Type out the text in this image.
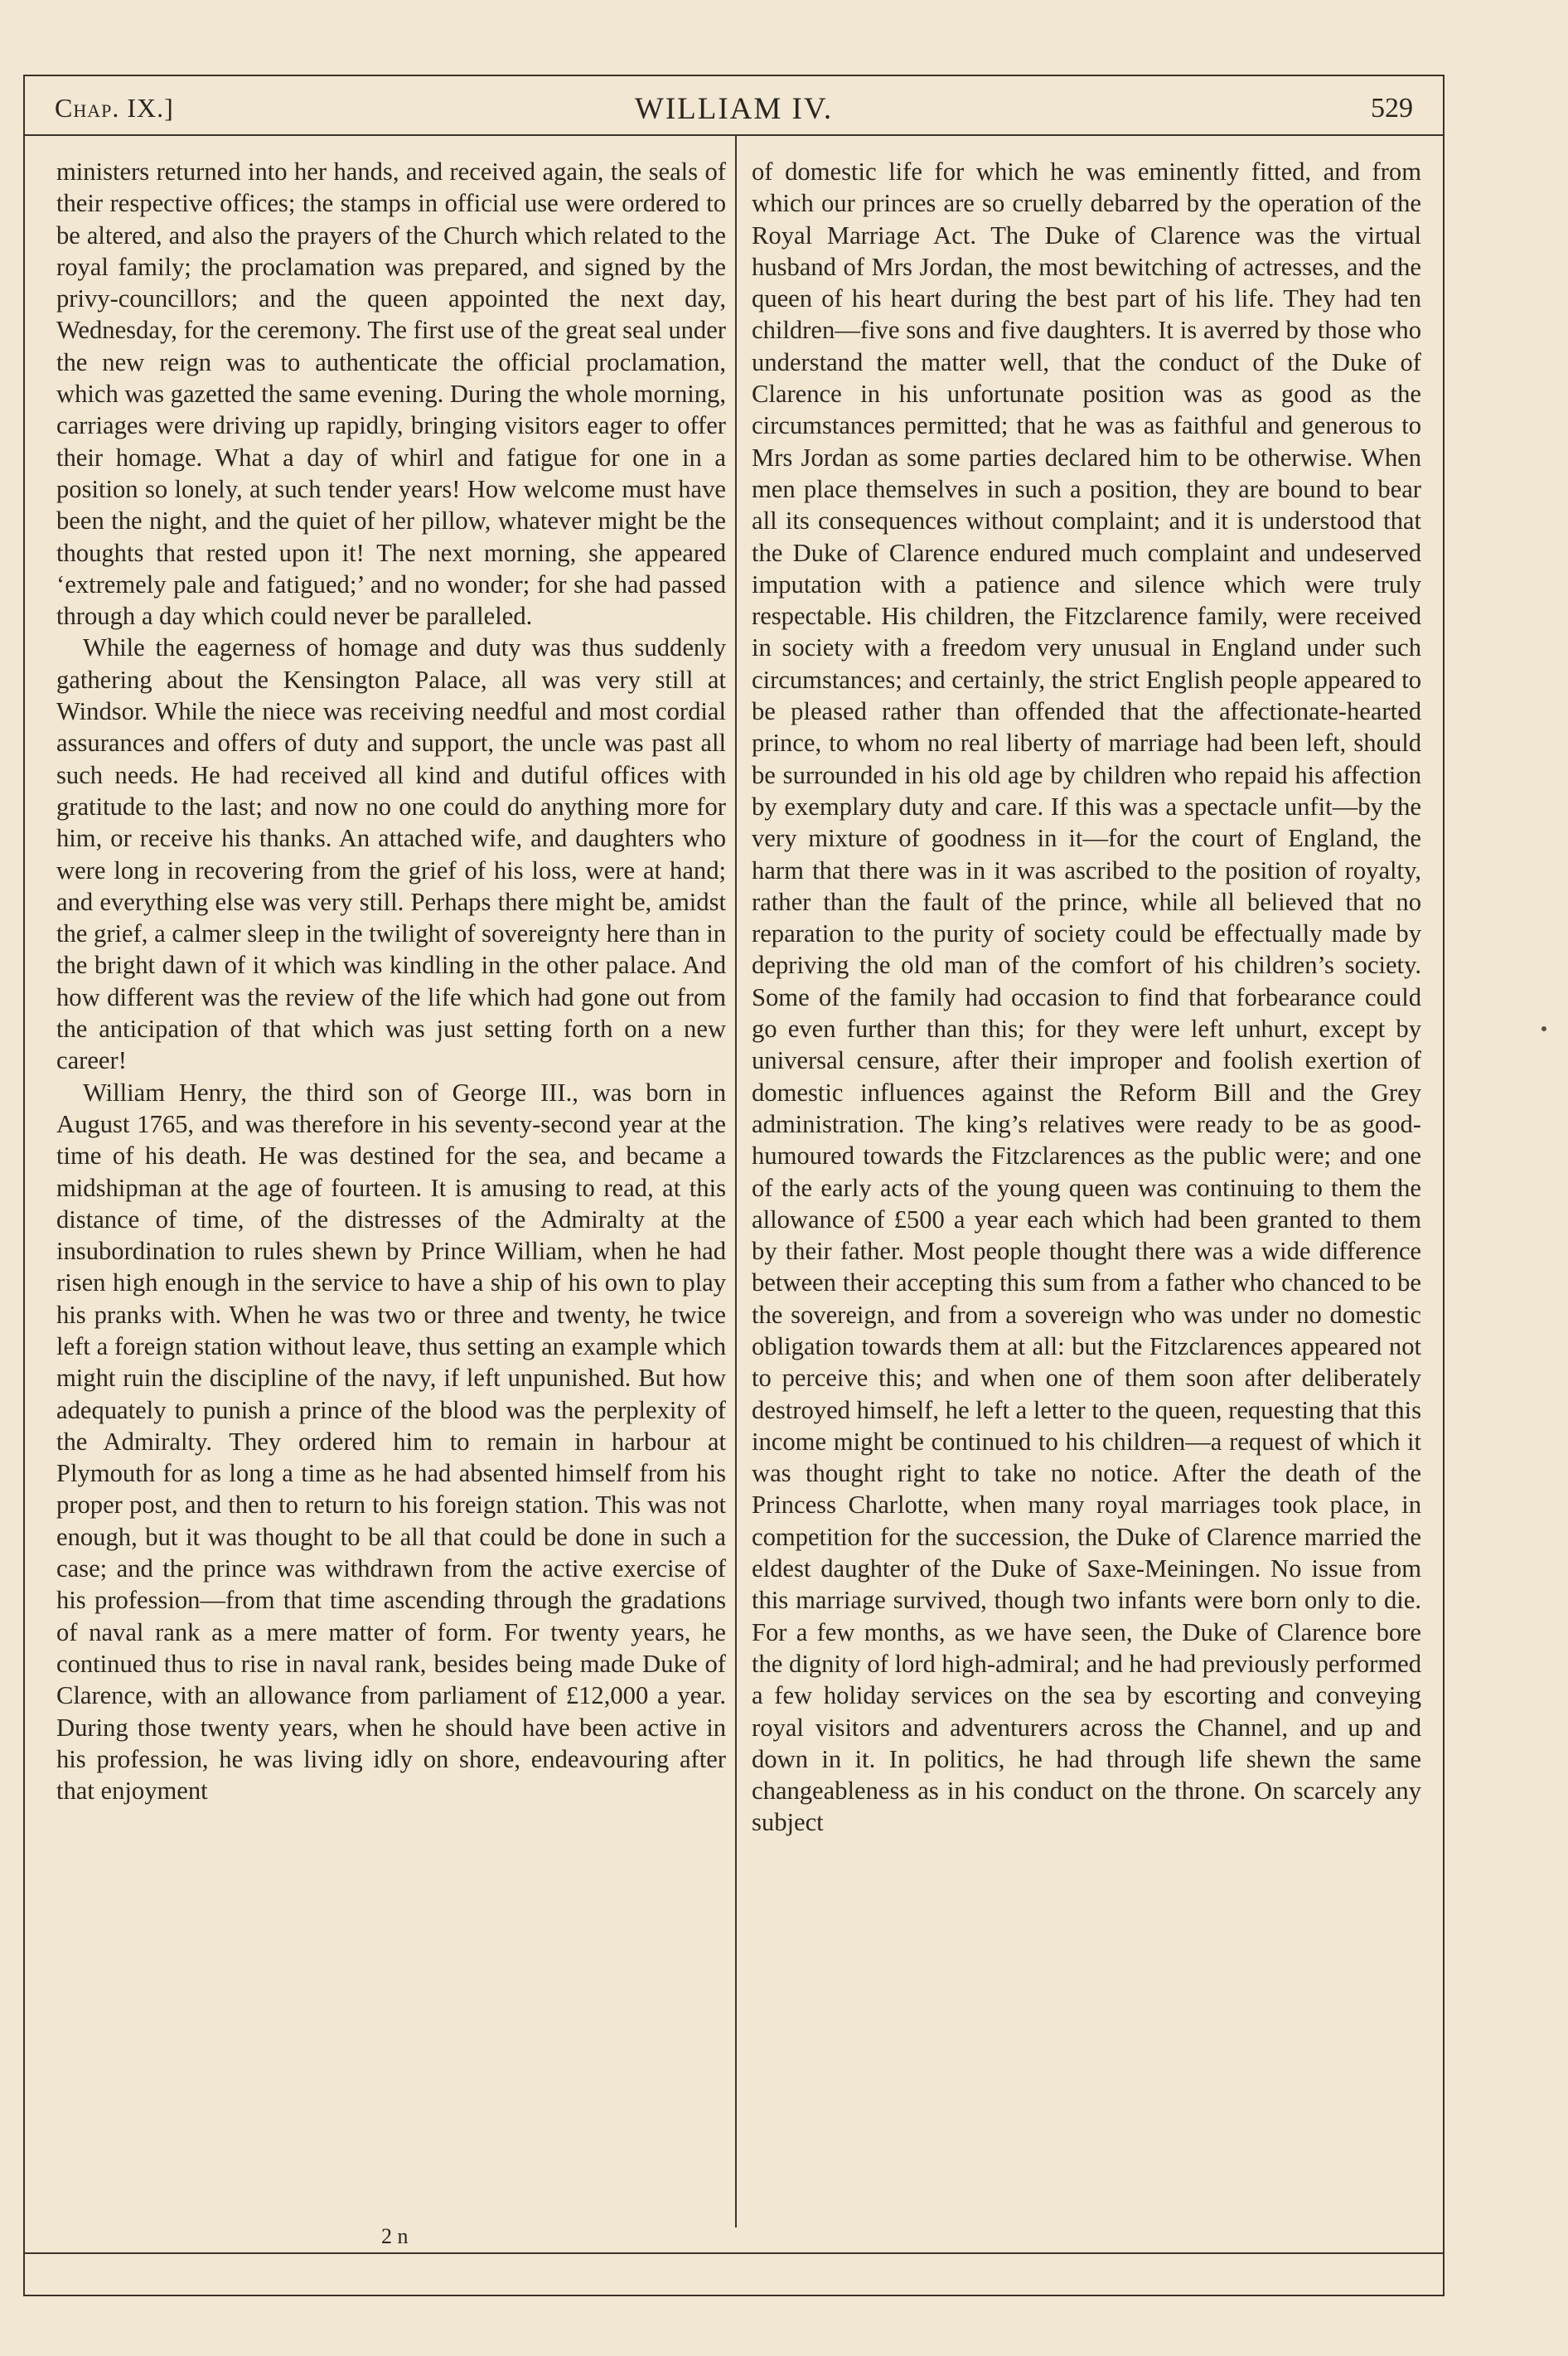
Chap. IX.]	WILLIAM IV.	529

ministers returned into her hands, and received again, the seals of their respective offices; the stamps in official use were ordered to be altered, and also the prayers of the Church which related to the royal family; the proclamation was prepared, and signed by the privy-councillors; and the queen appointed the next day, Wednesday, for the ceremony. The first use of the great seal under the new reign was to authenticate the official proclamation, which was gazetted the same evening. During the whole morning, carriages were driving up rapidly, bringing visitors eager to offer their homage. What a day of whirl and fatigue for one in a position so lonely, at such tender years! How welcome must have been the night, and the quiet of her pillow, whatever might be the thoughts that rested upon it! The next morning, she appeared ‘extremely pale and fatigued;’ and no wonder; for she had passed through a day which could never be paralleled.

While the eagerness of homage and duty was thus suddenly gathering about the Kensington Palace, all was very still at Windsor. While the niece was receiving needful and most cordial assurances and offers of duty and support, the uncle was past all such needs. He had received all kind and dutiful offices with gratitude to the last; and now no one could do anything more for him, or receive his thanks. An attached wife, and daughters who were long in recovering from the grief of his loss, were at hand; and everything else was very still. Perhaps there might be, amidst the grief, a calmer sleep in the twilight of sovereignty here than in the bright dawn of it which was kindling in the other palace. And how different was the review of the life which had gone out from the anticipation of that which was just setting forth on a new career!

William Henry, the third son of George III., was born in August 1765, and was therefore in his seventy-second year at the time of his death. He was destined for the sea, and became a midshipman at the age of fourteen. It is amusing to read, at this distance of time, of the distresses of the Admiralty at the insubordination to rules shewn by Prince William, when he had risen high enough in the service to have a ship of his own to play his pranks with. When he was two or three and twenty, he twice left a foreign station without leave, thus setting an example which might ruin the discipline of the navy, if left unpunished. But how adequately to punish a prince of the blood was the perplexity of the Admiralty. They ordered him to remain in harbour at Plymouth for as long a time as he had absented himself from his proper post, and then to return to his foreign station. This was not enough, but it was thought to be all that could be done in such a case; and the prince was withdrawn from the active exercise of his profession—from that time ascending through the gradations of naval rank as a mere matter of form. For twenty years, he continued thus to rise in naval rank, besides being made Duke of Clarence, with an allowance from parliament of £12,000 a year. During those twenty years, when he should have been active in his profession, he was living idly on shore, endeavouring after that enjoyment

of domestic life for which he was eminently fitted, and from which our princes are so cruelly debarred by the operation of the Royal Marriage Act. The Duke of Clarence was the virtual husband of Mrs Jordan, the most bewitching of actresses, and the queen of his heart during the best part of his life. They had ten children—five sons and five daughters. It is averred by those who understand the matter well, that the conduct of the Duke of Clarence in his unfortunate position was as good as the circumstances permitted; that he was as faithful and generous to Mrs Jordan as some parties declared him to be otherwise. When men place themselves in such a position, they are bound to bear all its consequences without complaint; and it is understood that the Duke of Clarence endured much complaint and undeserved imputation with a patience and silence which were truly respectable. His children, the Fitzclarence family, were received in society with a freedom very unusual in England under such circumstances; and certainly, the strict English people appeared to be pleased rather than offended that the affectionate-hearted prince, to whom no real liberty of marriage had been left, should be surrounded in his old age by children who repaid his affection by exemplary duty and care. If this was a spectacle unfit—by the very mixture of goodness in it—for the court of England, the harm that there was in it was ascribed to the position of royalty, rather than the fault of the prince, while all believed that no reparation to the purity of society could be effectually made by depriving the old man of the comfort of his children’s society. Some of the family had occasion to find that forbearance could go even further than this; for they were left unhurt, except by universal censure, after their improper and foolish exertion of domestic influences against the Reform Bill and the Grey administration. The king’s relatives were ready to be as good-humoured towards the Fitzclarences as the public were; and one of the early acts of the young queen was continuing to them the allowance of £500 a year each which had been granted to them by their father. Most people thought there was a wide difference between their accepting this sum from a father who chanced to be the sovereign, and from a sovereign who was under no domestic obligation towards them at all: but the Fitzclarences appeared not to perceive this; and when one of them soon after deliberately destroyed himself, he left a letter to the queen, requesting that this income might be continued to his children—a request of which it was thought right to take no notice. After the death of the Princess Charlotte, when many royal marriages took place, in competition for the succession, the Duke of Clarence married the eldest daughter of the Duke of Saxe-Meiningen. No issue from this marriage survived, though two infants were born only to die. For a few months, as we have seen, the Duke of Clarence bore the dignity of lord high-admiral; and he had previously performed a few holiday services on the sea by escorting and conveying royal visitors and adventurers across the Channel, and up and down in it. In politics, he had through life shewn the same changeableness as in his conduct on the throne. On scarcely any subject

2 n
